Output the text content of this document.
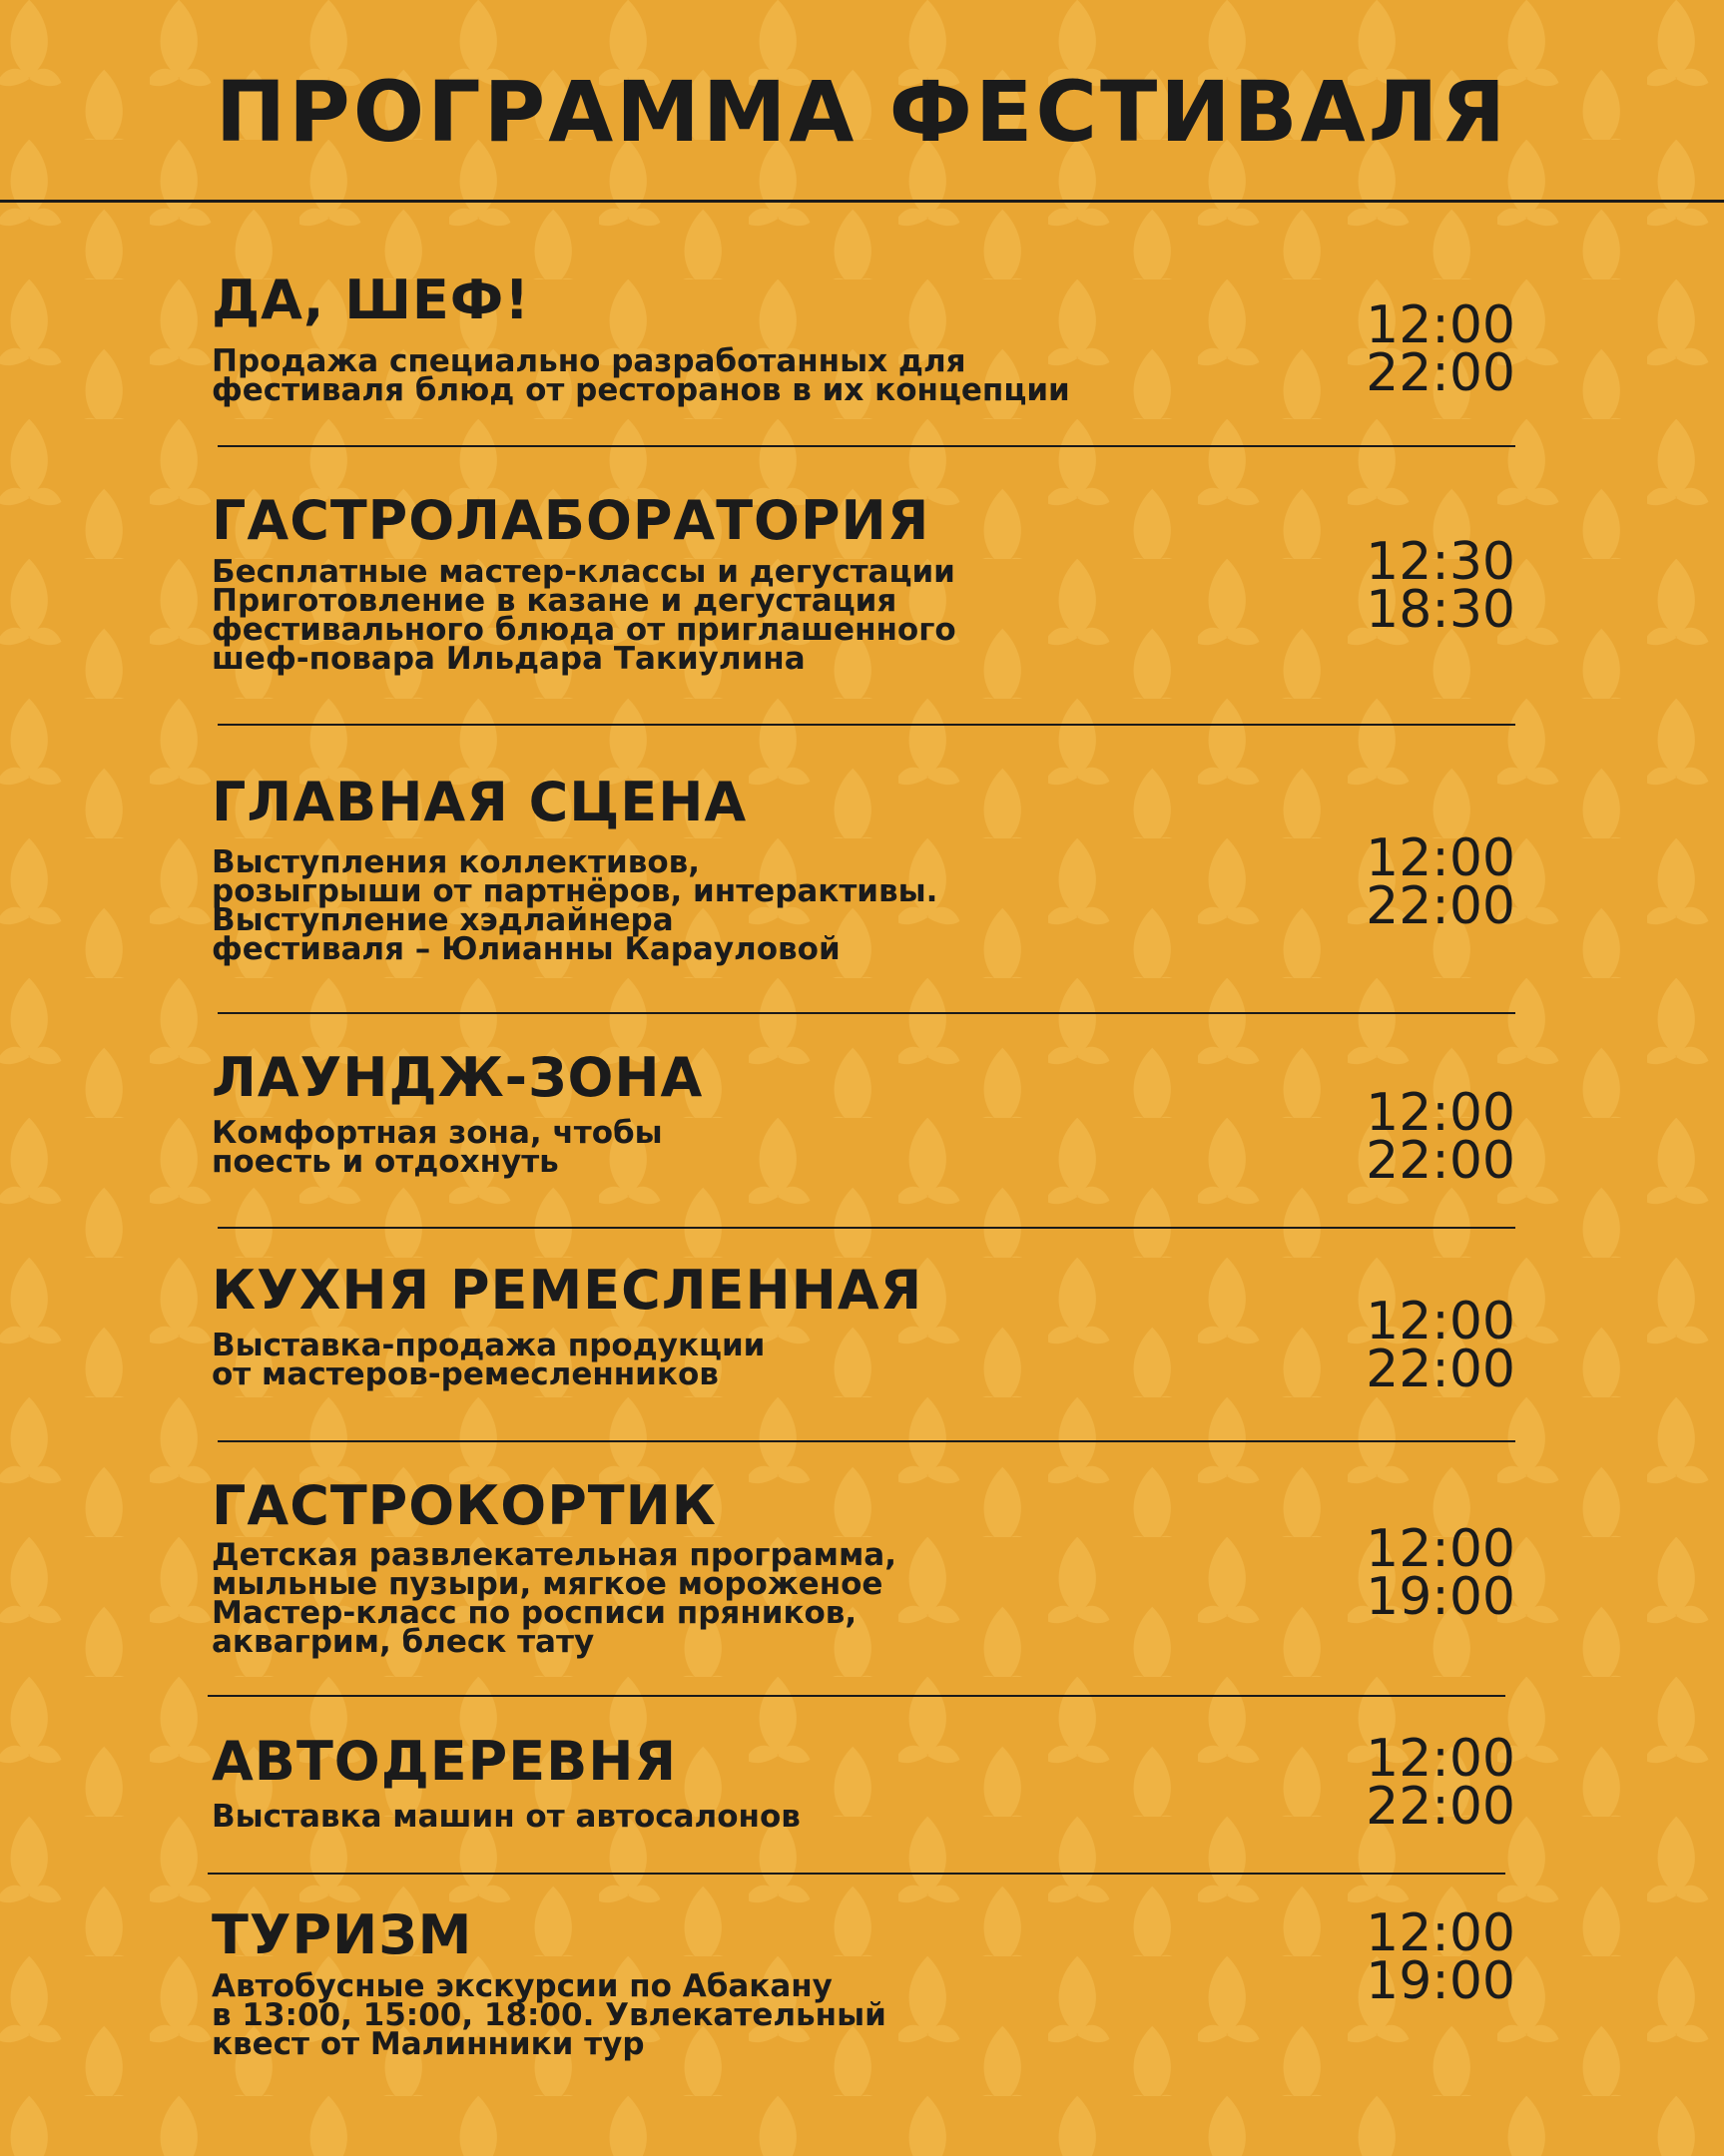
ПРОГРАММА ФЕСТИВАЛЯ
ДА, ШЕФ!
Продажа специально разработанных для
фестиваля блюд от ресторанов в их концепции
12:00
22:00
ГАСТРОЛАБОРАТОРИЯ
Бесплатные мастер-классы и дегустации
Приготовление в казане и дегустация
фестивального блюда от приглашенного
шеф-повара Ильдара Такиулина
12:30
18:30
ГЛАВНАЯ СЦЕНА
Выступления коллективов,
розыгрыши от партнёров, интерактивы.
Выступление хэдлайнера
фестиваля – Юлианны Карауловой
12:00
22:00
ЛАУНДЖ-ЗОНА
Комфортная зона, чтобы
поесть и отдохнуть
12:00
22:00
КУХНЯ РЕМЕСЛЕННАЯ
Выставка-продажа продукции
от мастеров-ремесленников
12:00
22:00
ГАСТРОКОРТИК
Детская развлекательная программа,
мыльные пузыри, мягкое мороженое
Мастер-класс по росписи пряников,
аквагрим, блеск тату
12:00
19:00
АВТОДЕРЕВНЯ
Выставка машин от автосалонов
12:00
22:00
ТУРИЗМ
Автобусные экскурсии по Абакану
в 13:00, 15:00, 18:00. Увлекательный
квест от Малинники тур
12:00
19:00
